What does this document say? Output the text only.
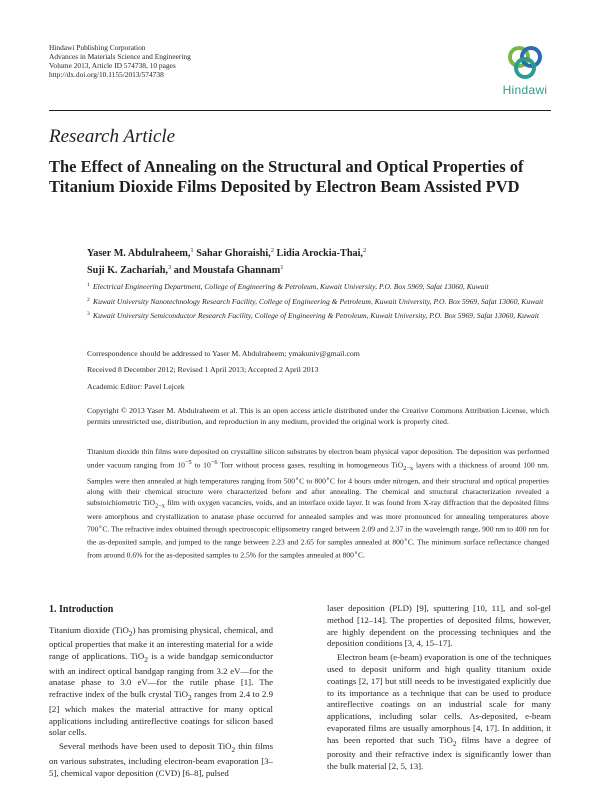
Hindawi Publishing Corporation
Advances in Materials Science and Engineering
Volume 2013, Article ID 574738, 10 pages
http://dx.doi.org/10.1155/2013/574738
Hindawi
Research Article
The Effect of Annealing on the Structural and Optical Properties of Titanium Dioxide Films Deposited by Electron Beam Assisted PVD
Yaser M. Abdulraheem,$^1$ Sahar Ghoraishi,$^2$ Lidia Arockia-Thai,$^2$
Suji K. Zachariah,$^3$ and Moustafa Ghannam$^1$
1 Electrical Engineering Department, College of Engineering & Petroleum, Kuwait University, P.O. Box 5969, Safat 13060, Kuwait
2 Kuwait University Nanotechnology Research Facility, College of Engineering & Petroleum, Kuwait University, P.O. Box 5969, Safat 13060, Kuwait
3 Kuwait University Semiconductor Research Facility, College of Engineering & Petroleum, Kuwait University, P.O. Box 5969, Safat 13060, Kuwait
Correspondence should be addressed to Yaser M. Abdulraheem; ymakuniv@gmail.com
Received 8 December 2012; Revised 1 April 2013; Accepted 2 April 2013
Academic Editor: Pavel Lejcek
Copyright © 2013 Yaser M. Abdulraheem et al. This is an open access article distributed under the Creative Commons Attribution License, which permits unrestricted use, distribution, and reproduction in any medium, provided the original work is properly cited.
Titanium dioxide thin films were deposited on crystalline silicon substrates by electron beam physical vapor deposition. The deposition was performed under vacuum ranging from $10^{-5}$ to $10^{-6}$ Torr without process gases, resulting in homogeneous TiO$_{2-x}$ layers with a thickness of around 100 nm. Samples were then annealed at high temperatures ranging from 500∘C to 800∘C for 4 hours under nitrogen, and their structural and optical properties along with their chemical structure were characterized before and after annealing. The chemical and structural characterization revealed a substoichiometric TiO$_{2-x}$ film with oxygen vacancies, voids, and an interface oxide layer. It was found from X-ray diffraction that the deposited films were amorphous and crystallization to anatase phase occurred for annealed samples and was more pronounced for annealing temperatures above 700∘C. The refractive index obtained through spectroscopic ellipsometry ranged between 2.09 and 2.37 in the wavelength range, 900 nm to 400 nm for the as-deposited sample, and jumped to the range between 2.23 and 2.65 for samples annealed at 800∘C. The minimum surface reflectance changed from around 0.6% for the as-deposited samples to 2.5% for the samples annealed at 800∘C.
1. Introduction

Titanium dioxide (TiO$_2$) has promising physical, chemical, and optical properties that make it an interesting material for a wide range of applications. TiO$_2$ is a wide bandgap semiconductor with an indirect optical bandgap ranging from 3.2 eV—for the anatase phase to 3.0 eV—for the rutile phase [1]. The refractive index of the bulk crystal TiO$_2$ ranges from 2.4 to 2.9 [2] which makes the material attractive for many optical applications including antireflective coatings for silicon based solar cells.

Several methods have been used to deposit TiO$_2$ thin films on various substrates, including electron-beam evaporation [3–5], chemical vapor deposition (CVD) [6–8], pulsed

laser deposition (PLD) [9], sputtering [10, 11], and sol-gel method [12–14]. The properties of deposited films, however, are highly dependent on the processing techniques and the deposition conditions [3, 4, 15–17].

Electron beam (e-beam) evaporation is one of the techniques used to deposit uniform and high quality titanium oxide coatings [2, 17] but still needs to be investigated explicitly due to its importance as a technique that can be used to produce antireflective coatings on an industrial scale for many applications, including solar cells. As-deposited, e-beam evaporated films are usually amorphous [4, 17]. In addition, it has been reported that such TiO$_2$ films have a degree of porosity and their refractive index is significantly lower than the bulk material [2, 5, 13].
